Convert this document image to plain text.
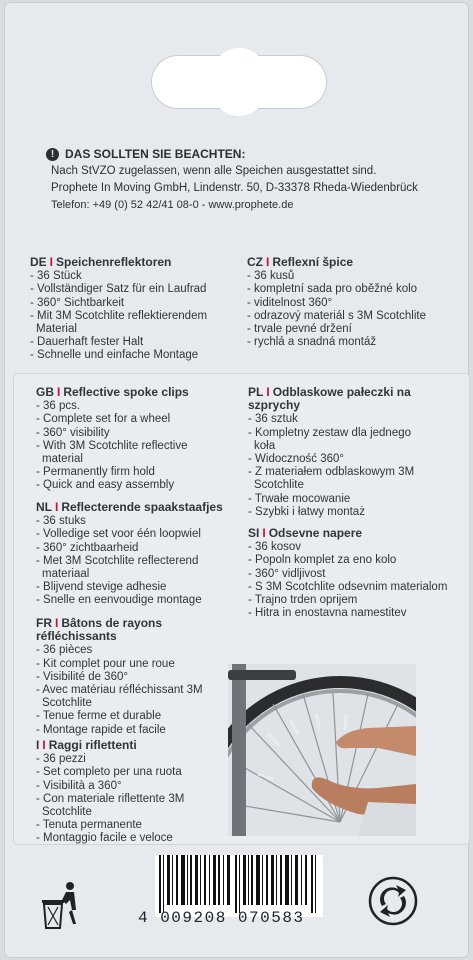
! DAS SOLLTEN SIE BEACHTEN:
Nach StVZO zugelassen, wenn alle Speichen ausgestattet sind.
Prophete In Moving GmbH, Lindenstr. 50, D-33378 Rheda-Wiedenbrück
Telefon: +49 (0) 52 42/41 08-0 - www.prophete.de
DE I Speichenreflektoren
- 36 Stück
- Vollständiger Satz für ein Laufrad
- 360° Sichtbarkeit
- Mit 3M Scotchlite reflektierendem Material
- Dauerhaft fester Halt
- Schnelle und einfache Montage
CZ I Reflexní špice
- 36 kusů
- kompletní sada pro oběžné kolo
- viditelnost 360°
- odrazový materiál s 3M Scotchlite
- trvale pevné držení
- rychlá a snadná montáž
GB I Reflective spoke clips
- 36 pcs.
- Complete set for a wheel
- 360° visibility
- With 3M Scotchlite reflective material
- Permanently firm hold
- Quick and easy assembly
PL I Odblaskowe pałeczki na szprychy
- 36 sztuk
- Kompletny zestaw dla jednego koła
- Widoczność 360°
- Z materiałem odblaskowym 3M Scotchlite
- Trwałe mocowanie
- Szybki i łatwy montaż
NL I Reflecterende spaakstaafjes
- 36 stuks
- Volledige set voor één loopwiel
- 360° zichtbaarheid
- Met 3M Scotchlite reflecterend materiaal
- Blijvend stevige adhesie
- Snelle en eenvoudige montage
SI I Odsevne napere
- 36 kosov
- Popoln komplet za eno kolo
- 360° vidljivost
- S 3M Scotchlite odsevnim materialom
- Trajno trden oprijem
- Hitra in enostavna namestitev
FR I Bâtons de rayons réfléchissants
- 36 pièces
- Kit complet pour une roue
- Visibilité de 360°
- Avec matériau réfléchissant 3M Scotchlite
- Tenue ferme et durable
- Montage rapide et facile
I I Raggi riflettenti
- 36 pezzi
- Set completo per una ruota
- Visibilità a 360°
- Con materiale riflettente 3M Scotchlite
- Tenuta permanente
- Montaggio facile e veloce
4 009208 070583
